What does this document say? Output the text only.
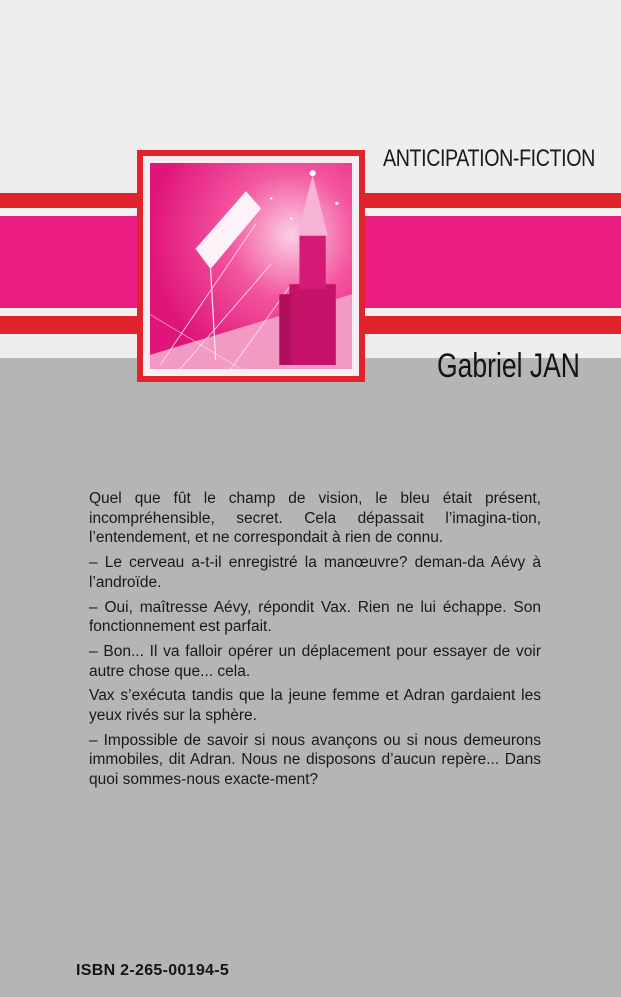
ANTICIPATION-FICTION
Gabriel JAN

Quel que fût le champ de vision, le bleu était présent, incompréhensible, secret. Cela dépassait l’imagina-tion, l’entendement, et ne correspondait à rien de connu.

– Le cerveau a-t-il enregistré la manœuvre? deman-da Aévy à l’androïde.

– Oui, maîtresse Aévy, répondit Vax. Rien ne lui échappe. Son fonctionnement est parfait.

– Bon... Il va falloir opérer un déplacement pour essayer de voir autre chose que... cela.

Vax s’exécuta tandis que la jeune femme et Adran gardaient les yeux rivés sur la sphère.

– Impossible de savoir si nous avançons ou si nous demeurons immobiles, dit Adran. Nous ne disposons d’aucun repère... Dans quoi sommes-nous exacte-ment?

ISBN 2-265-00194-5
